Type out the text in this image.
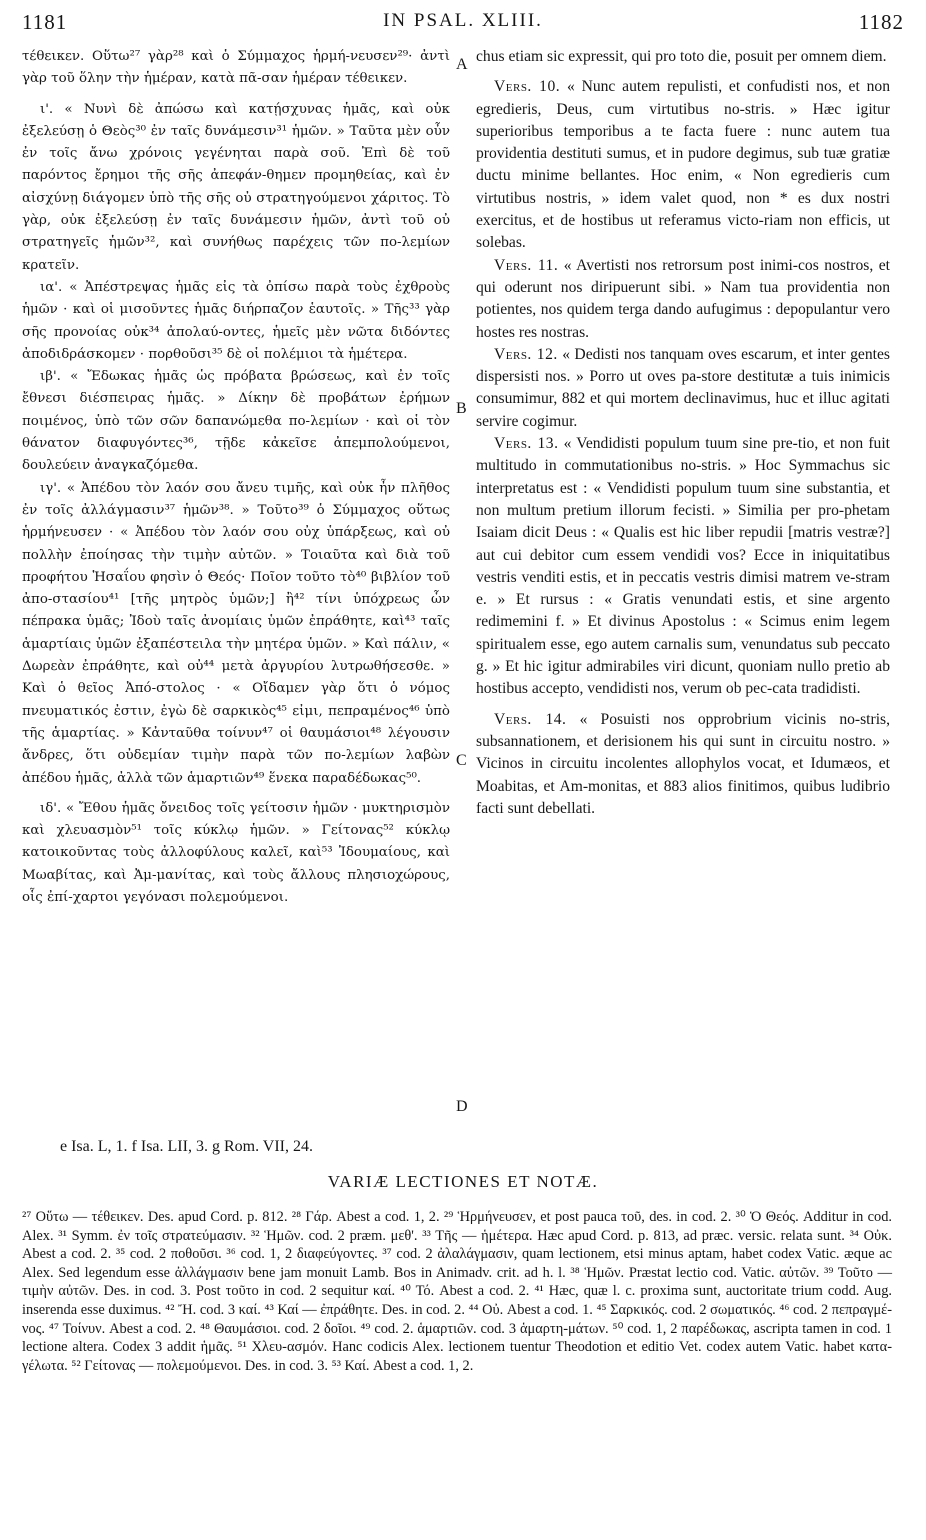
1181	IN PSAL. XLIII.	1182

τέθεικεν. Οὕτω²⁷ γὰρ²⁸ καὶ ὁ Σύμμαχος ἡρμή-νευσεν²⁹· ἀντὶ γὰρ τοῦ ὅλην τὴν ἡμέραν, κατὰ πᾶ-σαν ἡμέραν τέθεικεν.

ι'. « Νυνὶ δὲ ἀπώσω καὶ κατῄσχυνας ἡμᾶς, καὶ οὐκ ἐξελεύσῃ ὁ Θεὸς³⁰ ἐν ταῖς δυνάμεσιν³¹ ἡμῶν. » Ταῦτα μὲν οὖν ἐν τοῖς ἄνω χρόνοις γεγένηται παρὰ σοῦ. Ἐπὶ δὲ τοῦ παρόντος ἔρημοι τῆς σῆς ἀπεφάν-θημεν προμηθείας, καὶ ἐν αἰσχύνῃ διάγομεν ὑπὸ τῆς σῆς οὐ στρατηγούμενοι χάριτος. Τὸ γὰρ, οὐκ ἐξελεύσῃ ἐν ταῖς δυνάμεσιν ἡμῶν, ἀντὶ τοῦ οὐ στρατηγεῖς ἡμῶν³², καὶ συνήθως παρέχεις τῶν πο-λεμίων κρατεῖν.

ια'. « Ἀπέστρεψας ἡμᾶς εἰς τὰ ὀπίσω παρὰ τοὺς ἐχθροὺς ἡμῶν · καὶ οἱ μισοῦντες ἡμᾶς διήρπαζον ἑαυτοῖς. » Τῆς³³ γὰρ σῆς προνοίας οὐκ³⁴ ἀπολαύ-οντες, ἡμεῖς μὲν νῶτα διδόντες ἀποδιδράσκομεν · πορθοῦσι³⁵ δὲ οἱ πολέμιοι τὰ ἡμέτερα.

ιβ'. « Ἔδωκας ἡμᾶς ὡς πρόβατα βρώσεως, καὶ ἐν τοῖς ἔθνεσι διέσπειρας ἡμᾶς. » Δίκην δὲ προβάτων ἐρήμων ποιμένος, ὑπὸ τῶν σῶν δαπανώμεθα πο-λεμίων · καὶ οἱ τὸν θάνατον διαφυγόντες³⁶, τῇδε κἀκεῖσε ἀπεμπολούμενοι, δουλεύειν ἀναγκαζόμεθα.

ιγ'. « Ἀπέδου τὸν λαόν σου ἄνευ τιμῆς, καὶ οὐκ ἦν πλῆθος ἐν τοῖς ἀλλάγμασιν³⁷ ἡμῶν³⁸. » Τοῦτο³⁹ ὁ Σύμμαχος οὕτως ἡρμήνευσεν · « Ἀπέδου τὸν λαόν σου οὐχ ὑπάρξεως, καὶ οὐ πολλὴν ἐποίησας τὴν τιμὴν αὐτῶν. » Τοιαῦτα καὶ διὰ τοῦ προφήτου Ἡσαΐου φησὶν ὁ Θεός· Ποῖον τοῦτο τὸ⁴⁰ βιβλίον τοῦ ἀπο-στασίου⁴¹ [τῆς μητρὸς ὑμῶν;] ἢ⁴² τίνι ὑπόχρεως ὧν πέπρακα ὑμᾶς; Ἰδοὺ ταῖς ἀνομίαις ὑμῶν ἐπράθητε, καὶ⁴³ ταῖς ἁμαρτίαις ὑμῶν ἐξαπέστειλα τὴν μητέρα ὑμῶν. » Καὶ πάλιν, « Δωρεὰν ἐπράθητε, καὶ οὐ⁴⁴ μετὰ ἀργυρίου λυτρωθήσεσθε. » Καὶ ὁ θεῖος Ἀπό-στολος · « Οἴδαμεν γὰρ ὅτι ὁ νόμος πνευματικός ἐστιν, ἐγὼ δὲ σαρκικὸς⁴⁵ εἰμι, πεπραμένος⁴⁶ ὑπὸ τῆς ἁμαρτίας. » Κἀνταῦθα τοίνυν⁴⁷ οἱ θαυμάσιοι⁴⁸ λέγουσιν ἄνδρες, ὅτι οὐδεμίαν τιμὴν παρὰ τῶν πο-λεμίων λαβὼν ἀπέδου ἡμᾶς, ἀλλὰ τῶν ἁμαρτιῶν⁴⁹ ἕνεκα παραδέδωκας⁵⁰.

ιδ'. « Ἔθου ἡμᾶς ὄνειδος τοῖς γείτοσιν ἡμῶν · μυκτηρισμὸν καὶ χλευασμὸν⁵¹ τοῖς κύκλῳ ἡμῶν. » Γείτονας⁵² κύκλῳ κατοικοῦντας τοὺς ἀλλοφύλους καλεῖ, καὶ⁵³ Ἰδουμαίους, καὶ Μωαβίτας, καὶ Ἀμ-μανίτας, καὶ τοὺς ἄλλους πλησιοχώρους, οἷς ἐπί-χαρτοι γεγόνασι πολεμούμενοι.

A
B
C
D

chus etiam sic expressit, qui pro toto die, posuit per omnem diem.

Vers. 10. « Nunc autem repulisti, et confudisti nos, et non egredieris, Deus, cum virtutibus no-stris. » Hæc igitur superioribus temporibus a te facta fuere : nunc autem tua providentia destituti sumus, et in pudore degimus, sub tuæ gratiæ ductu minime bellantes. Hoc enim, « Non egredieris cum virtutibus nostris, » idem valet quod, non * es dux nostri exercitus, et de hostibus ut referamus victo-riam non efficis, ut solebas.

Vers. 11. « Avertisti nos retrorsum post inimi-cos nostros, et qui oderunt nos diripuerunt sibi. » Nam tua providentia non potientes, nos quidem terga dando aufugimus : depopulantur vero hostes res nostras.

Vers. 12. « Dedisti nos tanquam oves escarum, et inter gentes dispersisti nos. » Porro ut oves pa-store destitutæ a tuis inimicis consumimur, 882 et qui mortem declinavimus, huc et illuc agitati servire cogimur.

Vers. 13. « Vendidisti populum tuum sine pre-tio, et non fuit multitudo in commutationibus no-stris. » Hoc Symmachus sic interpretatus est : « Vendidisti populum tuum sine substantia, et non multum pretium illorum fecisti. » Similia per pro-phetam Isaiam dicit Deus : « Qualis est hic liber repudii [matris vestræ?] aut cui debitor cum essem vendidi vos? Ecce in iniquitatibus vestris venditi estis, et in peccatis vestris dimisi matrem ve-stram e. » Et rursus : « Gratis venundati estis, et sine argento redimemini f. » Et divinus Apostolus : « Scimus enim legem spiritualem esse, ego autem carnalis sum, venundatus sub peccato g. » Et hic igitur admirabiles viri dicunt, quoniam nullo pretio ab hostibus accepto, vendidisti nos, verum ob pec-cata tradidisti.

Vers. 14. « Posuisti nos opprobrium vicinis no-stris, subsannationem, et derisionem his qui sunt in circuitu nostro. » Vicinos in circuitu incolentes allophylos vocat, et Idumæos, et Moabitas, et Am-monitas, et 883 alios finitimos, quibus ludibrio facti sunt debellati.

e Isa. L, 1. f Isa. LII, 3. g Rom. VII, 24.
VARIÆ LECTIONES ET NOTÆ.

²⁷ Οὕτω — τέθεικεν. Des. apud Cord. p. 812. ²⁸ Γάρ. Abest a cod. 1, 2. ²⁹ Ἡρμήνευσεν, et post pauca τοῦ, des. in cod. 2. ³⁰ Ὁ Θεός. Additur in cod. Alex. ³¹ Symm. ἐν τοῖς στρατεύμασιν. ³² Ἡμῶν. cod. 2 præm. μεθ'. ³³ Τῆς — ἡμέτερα. Hæc apud Cord. p. 813, ad præc. versic. relata sunt. ³⁴ Οὐκ. Abest a cod. 2. ³⁵ cod. 2 ποθοῦσι. ³⁶ cod. 1, 2 διαφεύγοντες. ³⁷ cod. 2 ἀλαλάγμασιν, quam lectionem, etsi minus aptam, habet codex Vatic. æque ac Alex. Sed legendum esse ἀλλάγμασιν bene jam monuit Lamb. Bos in Animadv. crit. ad h. l. ³⁸ Ἡμῶν. Præstat lectio cod. Vatic. αὐτῶν. ³⁹ Τοῦτο — τιμὴν αὐτῶν. Des. in cod. 3. Post τοῦτο in cod. 2 sequitur καί. ⁴⁰ Τό. Abest a cod. 2. ⁴¹ Hæc, quæ l. c. proxima sunt, auctoritate trium codd. Aug. inserenda esse duximus. ⁴² Ἤ. cod. 3 καί. ⁴³ Καί — ἐπράθητε. Des. in cod. 2. ⁴⁴ Οὐ. Abest a cod. 1. ⁴⁵ Σαρκικός. cod. 2 σωματικός. ⁴⁶ cod. 2 πεπραγμέ-νος. ⁴⁷ Τοίνυν. Abest a cod. 2. ⁴⁸ Θαυμάσιοι. cod. 2 δοῖοι. ⁴⁹ cod. 2. ἁμαρτιῶν. cod. 3 ἁμαρτη-μάτων. ⁵⁰ cod. 1, 2 παρέδωκας, ascripta tamen in cod. 1 lectione altera. Codex 3 addit ἡμᾶς. ⁵¹ Χλευ-ασμόν. Hanc codicis Alex. lectionem tuentur Theodotion et editio Vet. codex autem Vatic. habet κατα-γέλωτα. ⁵² Γείτονας — πολεμούμενοι. Des. in cod. 3. ⁵³ Καί. Abest a cod. 1, 2.
